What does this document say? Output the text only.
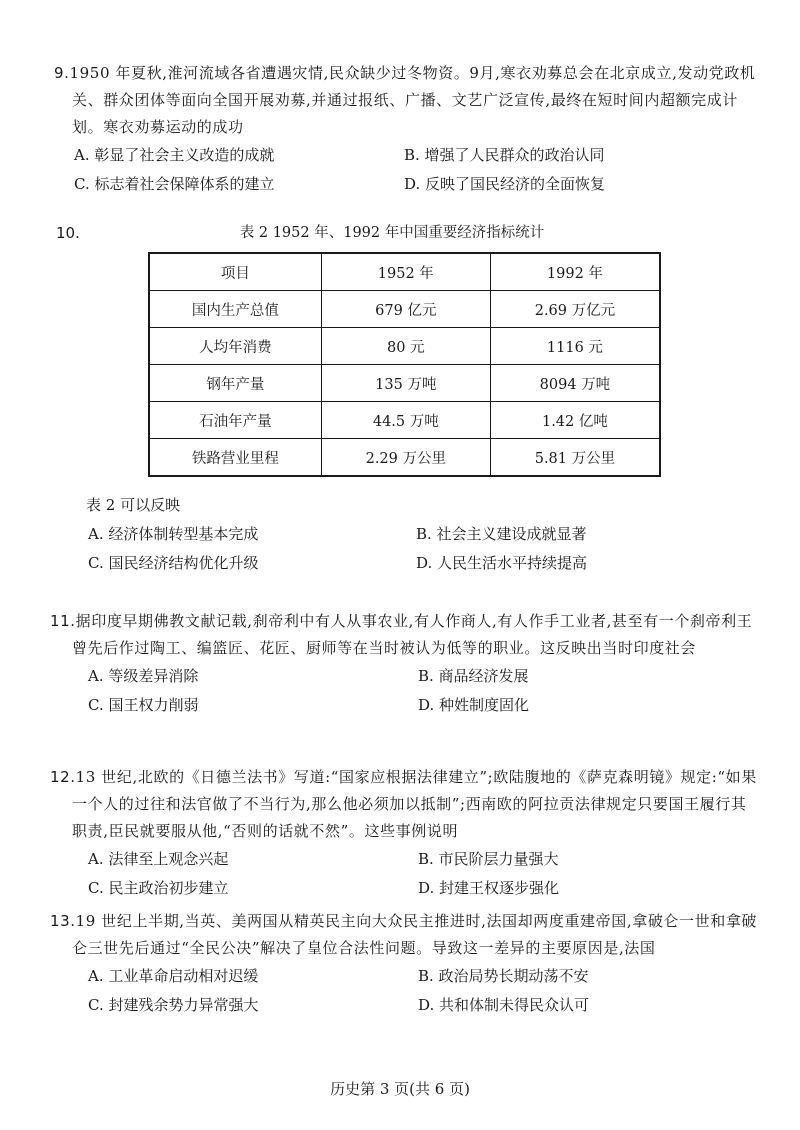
9.1950 年夏秋,淮河流域各省遭遇灾情,民众缺少过冬物资。9月,寒衣劝募总会在北京成立,发动党政机关、群众团体等面向全国开展劝募,并通过报纸、广播、文艺广泛宣传,最终在短时间内超额完成计划。寒衣劝募运动的成功
A. 彰显了社会主义改造的成就	B. 增强了人民群众的政治认同
C. 标志着社会保障体系的建立	D. 反映了国民经济的全面恢复
10.	表 2 1952 年、1992 年中国重要经济指标统计
项目	1952 年	1992 年
国内生产总值	679 亿元	2.69 万亿元
人均年消费	80 元	1116 元
钢年产量	135 万吨	8094 万吨
石油年产量	44.5 万吨	1.42 亿吨
铁路营业里程	2.29 万公里	5.81 万公里
表 2 可以反映
A. 经济体制转型基本完成	B. 社会主义建设成就显著
C. 国民经济结构优化升级	D. 人民生活水平持续提高
11.据印度早期佛教文献记载,刹帝利中有人从事农业,有人作商人,有人作手工业者,甚至有一个刹帝利王曾先后作过陶工、编篮匠、花匠、厨师等在当时被认为低等的职业。这反映出当时印度社会
A. 等级差异消除	B. 商品经济发展
C. 国王权力削弱	D. 种姓制度固化
12.13 世纪,北欧的《日德兰法书》写道:“国家应根据法律建立”;欧陆腹地的《萨克森明镜》规定:“如果一个人的过往和法官做了不当行为,那么他必须加以抵制”;西南欧的阿拉贡法律规定只要国王履行其职责,臣民就要服从他,“否则的话就不然”。这些事例说明
A. 法律至上观念兴起	B. 市民阶层力量强大
C. 民主政治初步建立	D. 封建王权逐步强化
13.19 世纪上半期,当英、美两国从精英民主向大众民主推进时,法国却两度重建帝国,拿破仑一世和拿破仑三世先后通过“全民公决”解决了皇位合法性问题。导致这一差异的主要原因是,法国
A. 工业革命启动相对迟缓	B. 政治局势长期动荡不安
C. 封建残余势力异常强大	D. 共和体制未得民众认可
历史第 3 页(共 6 页)
